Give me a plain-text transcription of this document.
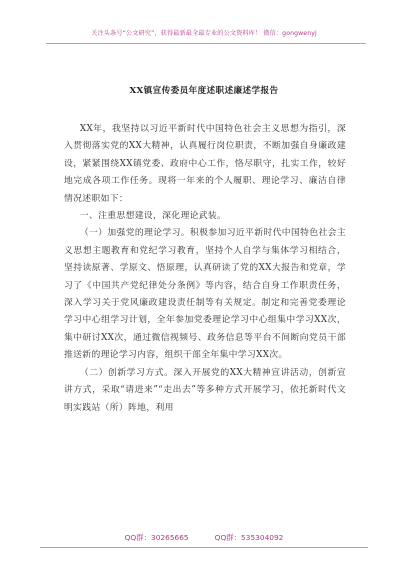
关注头条号“公文研究”，获得最新最全最专业的公文资料库！ 微信：gongwenyj
XX镇宣传委员年度述职述廉述学报告

XX年，我坚持以习近平新时代中国特色社会主义思想为指引，深入贯彻落实党的XX大精神，认真履行岗位职责，不断加强自身廉政建设，紧紧围绕XX镇党委、政府中心工作，恪尽职守，扎实工作，较好地完成各项工作任务。现将一年来的个人履职、理论学习、廉洁自律情况述职如下：

一、注重思想建设，深化理论武装。

（一）加强党的理论学习。积极参加习近平新时代中国特色社会主义思想主题教育和党纪学习教育，坚持个人自学与集体学习相结合，坚持读原著、学原文、悟原理，认真研读了党的XX大报告和党章，学习了《中国共产党纪律处分条例》等内容，结合自身工作职责任务，深入学习关于党风廉政建设责任制等有关规定。制定和完善党委理论学习中心组学习计划，全年参加党委理论学习中心组集中学习XX次，集中研讨XX次，通过微信视频号、政务信息等平台不间断向党员干部推送新的理论学习内容，组织干部全年集中学习XX次。

（二）创新学习方式。深入开展党的XX大精神宣讲活动，创新宣讲方式，采取“请进来”“走出去”等多种方式开展学习，依托新时代文明实践站（所）阵地，利用

QQ群：30265665	QQ群：535304092
